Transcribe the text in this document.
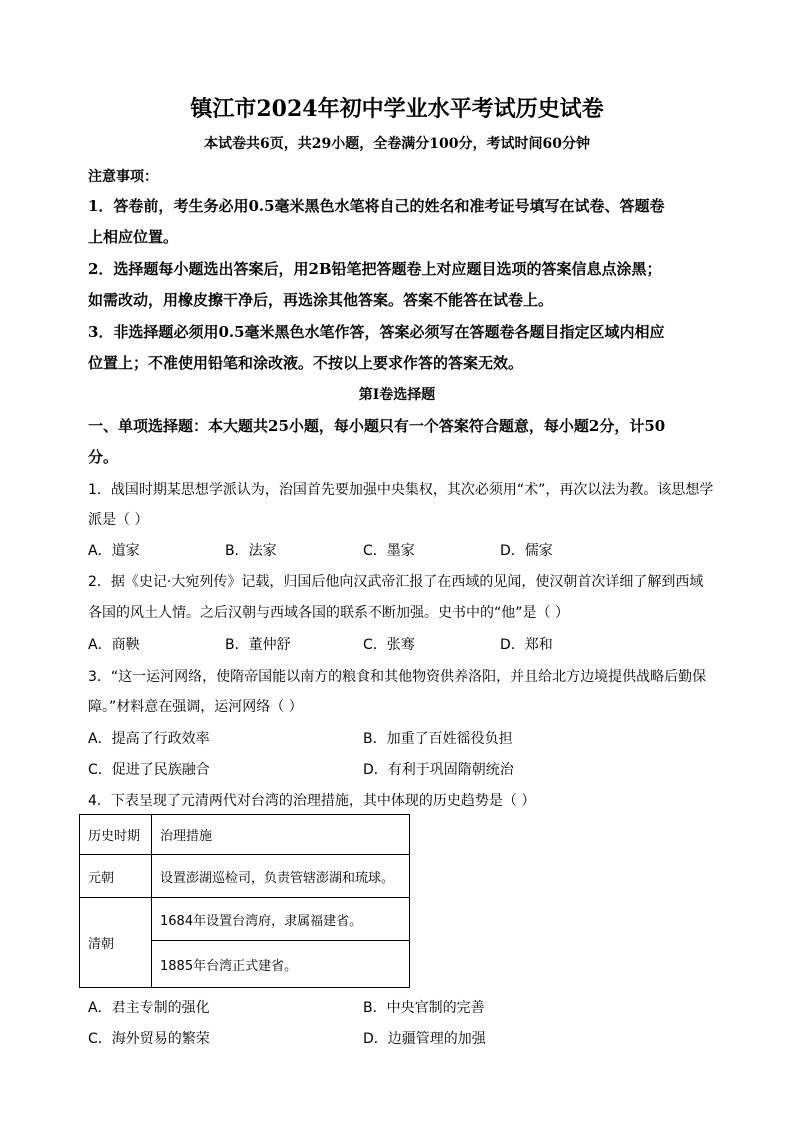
镇江市2024年初中学业水平考试历史试卷
本试卷共6页，共29小题，全卷满分100分，考试时间60分钟
注意事项：
1．答卷前，考生务必用0.5毫米黑色水笔将自己的姓名和准考证号填写在试卷、答题卷
上相应位置。
2．选择题每小题选出答案后，用2B铅笔把答题卷上对应题目选项的答案信息点涂黑；
如需改动，用橡皮擦干净后，再选涂其他答案。答案不能答在试卷上。
3．非选择题必须用0.5毫米黑色水笔作答，答案必须写在答题卷各题目指定区域内相应
位置上；不准使用铅笔和涂改液。不按以上要求作答的答案无效。
第Ⅰ卷选择题
一、单项选择题：本大题共25小题，每小题只有一个答案符合题意，每小题2分，计50
分。
1．战国时期某思想学派认为，治国首先要加强中央集权，其次必须用“术”，再次以法为教。该思想学
派是（ ）
A．道家	B．法家	C．墨家	D．儒家
2．据《史记·大宛列传》记载，归国后他向汉武帝汇报了在西域的见闻，使汉朝首次详细了解到西域
各国的风土人情。之后汉朝与西域各国的联系不断加强。史书中的“他”是（ ）
A．商鞅	B．董仲舒	C．张骞	D．郑和
3．“这一运河网络，使隋帝国能以南方的粮食和其他物资供养洛阳，并且给北方边境提供战略后勤保
障。”材料意在强调，运河网络（ ）
A．提高了行政效率	B．加重了百姓徭役负担
C．促进了民族融合	D．有利于巩固隋朝统治
4．下表呈现了元清两代对台湾的治理措施，其中体现的历史趋势是（ ）
历史时期	治理措施
元朝	设置澎湖巡检司，负责管辖澎湖和琉球。
清朝	1684年设置台湾府，隶属福建省。
	1885年台湾正式建省。
A．君主专制的强化	B．中央官制的完善
C．海外贸易的繁荣	D．边疆管理的加强
